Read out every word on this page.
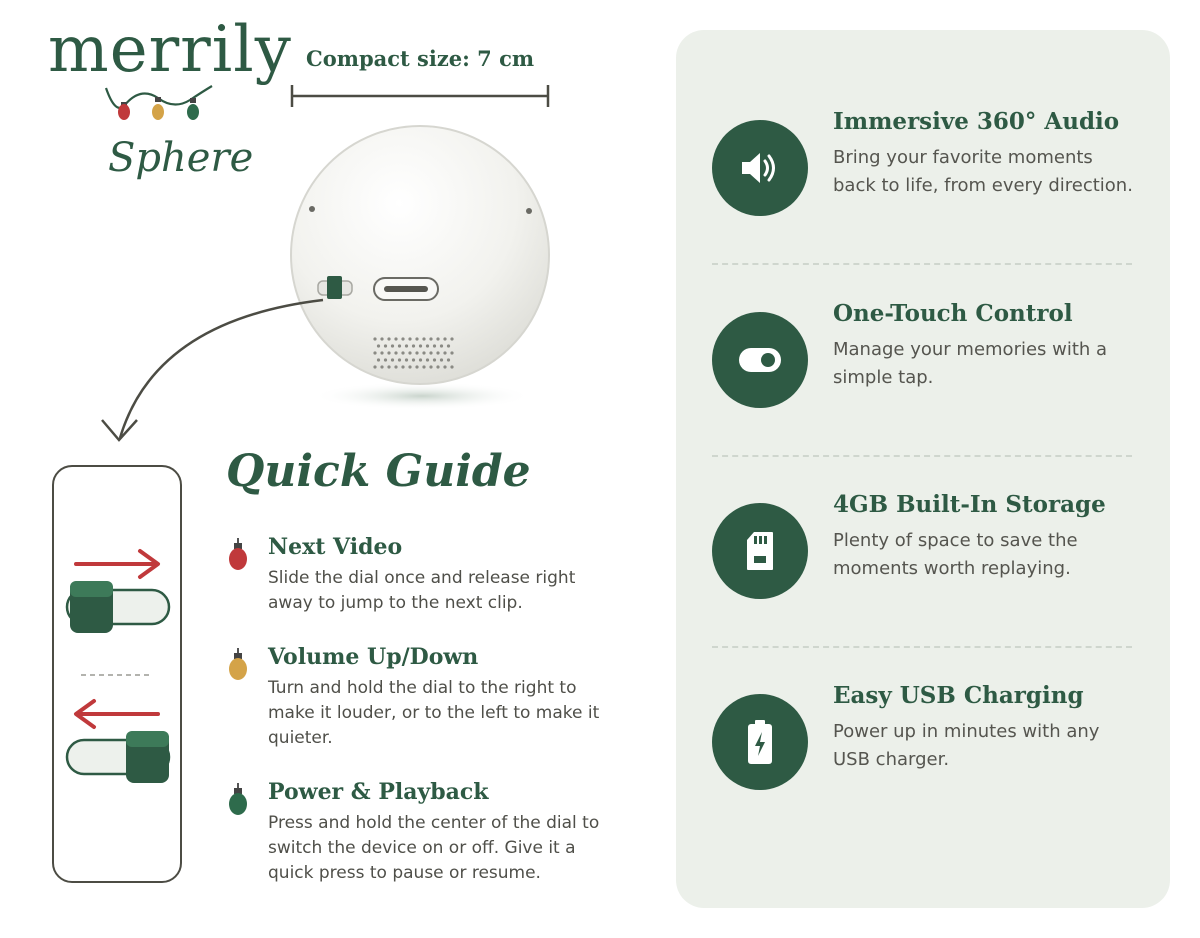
merrily
Sphere
Compact size: 7 cm
Quick Guide
Next Video

Slide the dial once and release right away to jump to the next clip.

Volume Up/Down

Turn and hold the dial to the right to make it louder, or to the left to make it quieter.

Power & Playback

Press and hold the center of the dial to switch the device on or off. Give it a quick press to pause or resume.

Immersive 360° Audio

Bring your favorite moments back to life, from every direction.

One-Touch Control

Manage your memories with a simple tap.

4GB Built-In Storage

Plenty of space to save the moments worth replaying.

Easy USB Charging

Power up in minutes with any USB charger.
